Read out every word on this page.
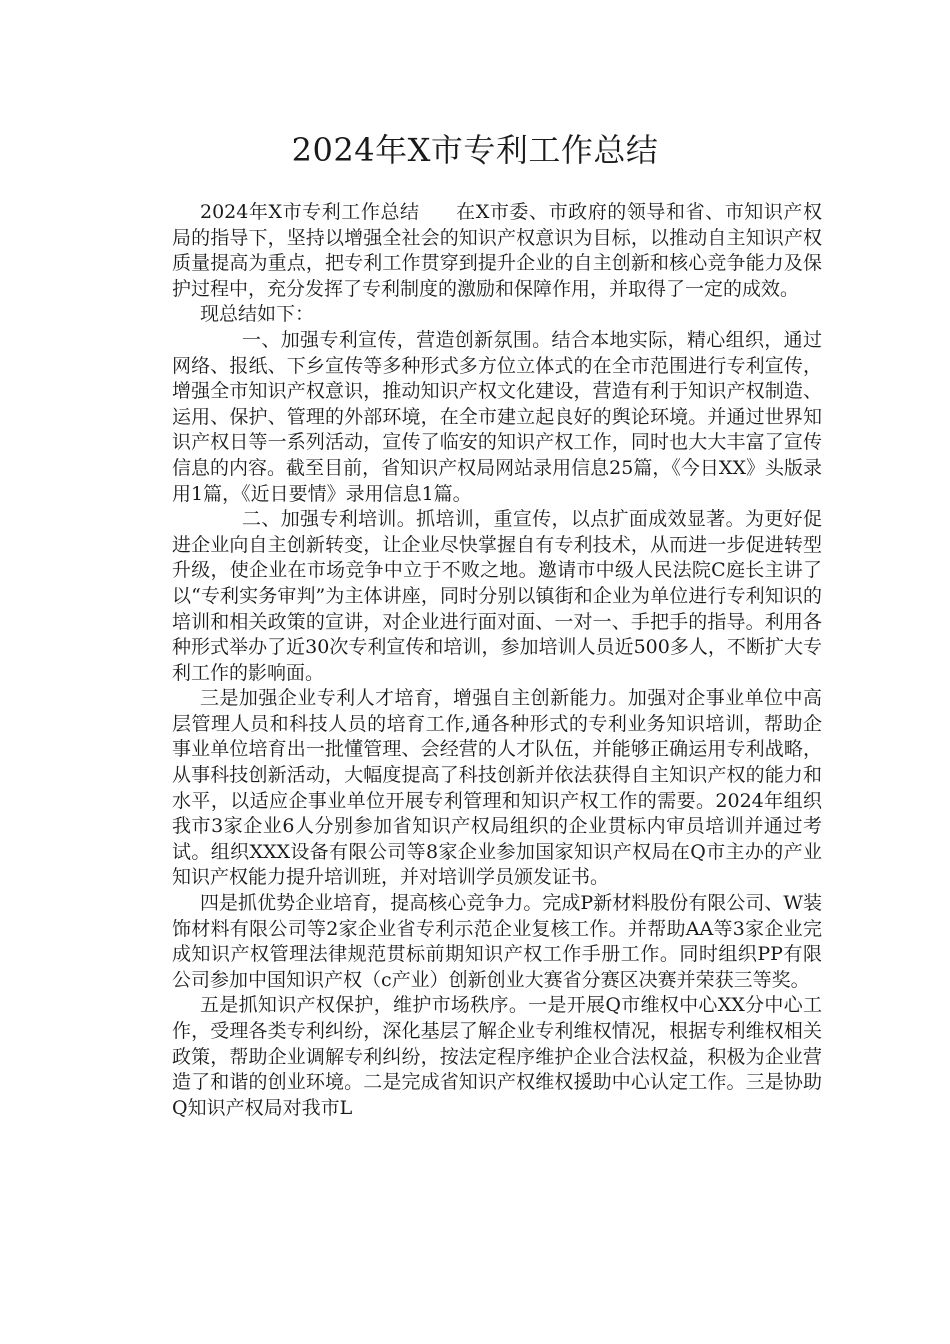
2024年X市专利工作总结

2024年X市专利工作总结 在X市委、市政府的领导和省、市知识产权局的指导下，坚持以增强全社会的知识产权意识为目标，以推动自主知识产权质量提高为重点，把专利工作贯穿到提升企业的自主创新和核心竞争能力及保护过程中，充分发挥了专利制度的激励和保障作用，并取得了一定的成效。

现总结如下：

一、加强专利宣传，营造创新氛围。结合本地实际，精心组织，通过网络、报纸、下乡宣传等多种形式多方位立体式的在全市范围进行专利宣传，增强全市知识产权意识，推动知识产权文化建设，营造有利于知识产权制造、运用、保护、管理的外部环境，在全市建立起良好的舆论环境。并通过世界知识产权日等一系列活动，宣传了临安的知识产权工作，同时也大大丰富了宣传信息的内容。截至目前，省知识产权局网站录用信息25篇，《今日XX》头版录用1篇，《近日要情》录用信息1篇。

二、加强专利培训。抓培训，重宣传，以点扩面成效显著。为更好促进企业向自主创新转变，让企业尽快掌握自有专利技术，从而进一步促进转型升级，使企业在市场竞争中立于不败之地。邀请市中级人民法院C庭长主讲了以“专利实务审判”为主体讲座，同时分别以镇街和企业为单位进行专利知识的培训和相关政策的宣讲，对企业进行面对面、一对一、手把手的指导。利用各种形式举办了近30次专利宣传和培训，参加培训人员近500多人，不断扩大专利工作的影响面。

三是加强企业专利人才培育，增强自主创新能力。加强对企事业单位中高层管理人员和科技人员的培育工作,通各种形式的专利业务知识培训，帮助企事业单位培育出一批懂管理、会经营的人才队伍，并能够正确运用专利战略，从事科技创新活动，大幅度提高了科技创新并依法获得自主知识产权的能力和水平，以适应企事业单位开展专利管理和知识产权工作的需要。2024年组织我市3家企业6人分别参加省知识产权局组织的企业贯标内审员培训并通过考试。组织XXX设备有限公司等8家企业参加国家知识产权局在Q市主办的产业知识产权能力提升培训班，并对培训学员颁发证书。

四是抓优势企业培育，提高核心竞争力。完成P新材料股份有限公司、W装饰材料有限公司等2家企业省专利示范企业复核工作。并帮助AA等3家企业完成知识产权管理法律规范贯标前期知识产权工作手册工作。同时组织PP有限公司参加中国知识产权（c产业）创新创业大赛省分赛区决赛并荣获三等奖。

五是抓知识产权保护，维护市场秩序。一是开展Q市维权中心XX分中心工作，受理各类专利纠纷，深化基层了解企业专利维权情况，根据专利维权相关政策，帮助企业调解专利纠纷，按法定程序维护企业合法权益，积极为企业营造了和谐的创业环境。二是完成省知识产权维权援助中心认定工作。三是协助Q知识产权局对我市L
